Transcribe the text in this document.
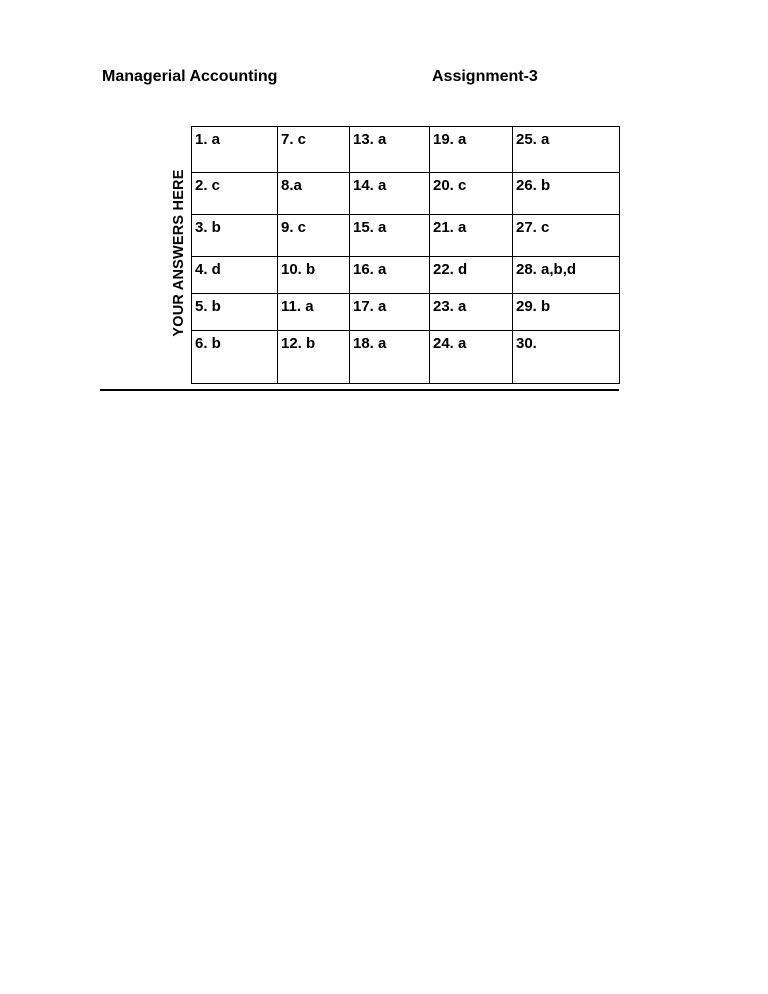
Managerial Accounting	Assignment-3
YOUR ANSWERS HERE
1. a	7. c	13. a	19. a	25. a
2. c	8.a	14. a	20. c	26. b
3. b	9. c	15. a	21. a	27. c
4. d	10. b	16. a	22. d	28. a,b,d
5. b	11. a	17. a	23. a	29. b
6. b	12. b	18. a	24. a	30.
